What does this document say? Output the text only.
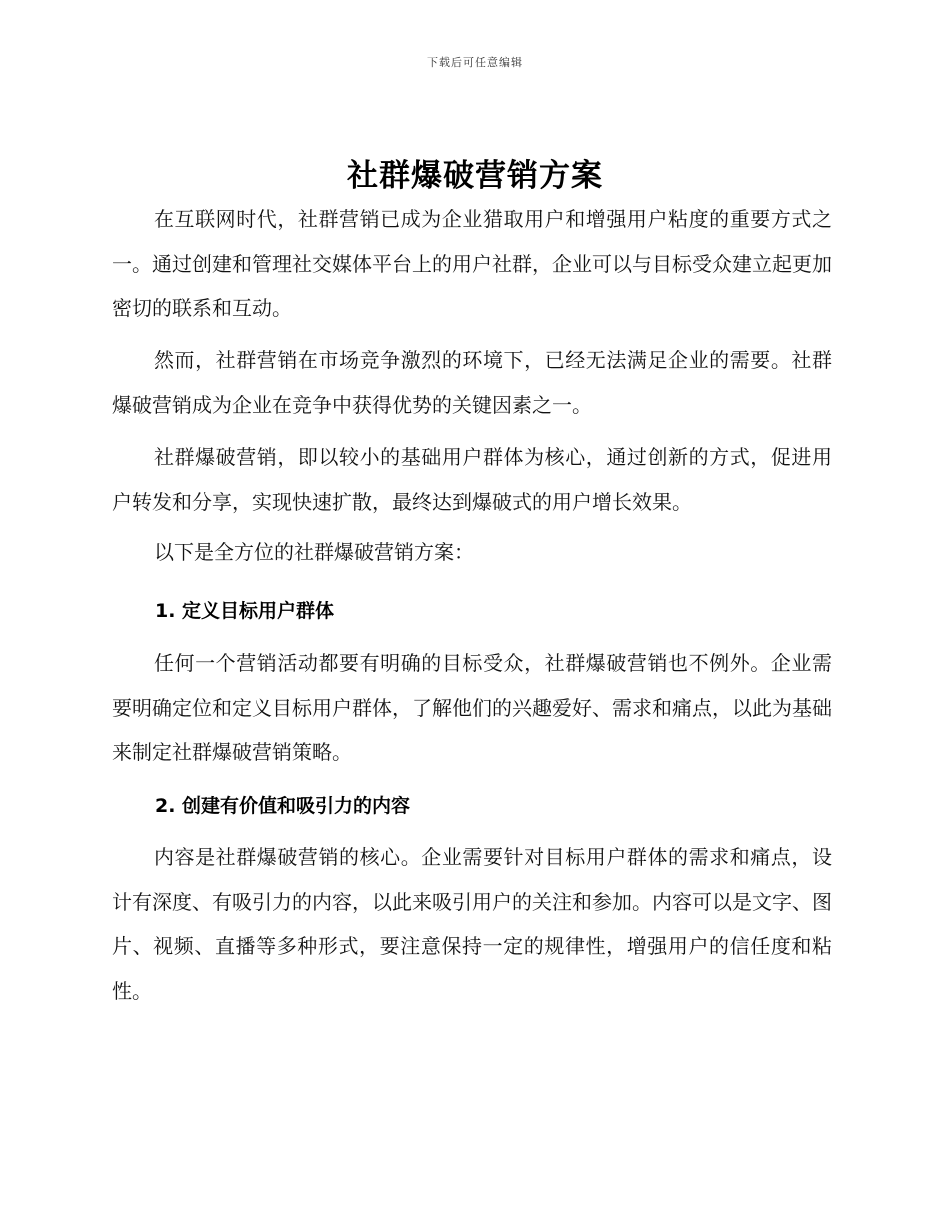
下载后可任意编辑
社群爆破营销方案

在互联网时代，社群营销已成为企业猎取用户和增强用户粘度的重要方式之一。通过创建和管理社交媒体平台上的用户社群，企业可以与目标受众建立起更加密切的联系和互动。

然而，社群营销在市场竞争激烈的环境下，已经无法满足企业的需要。社群爆破营销成为企业在竞争中获得优势的关键因素之一。

社群爆破营销，即以较小的基础用户群体为核心，通过创新的方式，促进用户转发和分享，实现快速扩散，最终达到爆破式的用户增长效果。

以下是全方位的社群爆破营销方案：

1. 定义目标用户群体

任何一个营销活动都要有明确的目标受众，社群爆破营销也不例外。企业需要明确定位和定义目标用户群体，了解他们的兴趣爱好、需求和痛点，以此为基础来制定社群爆破营销策略。

2. 创建有价值和吸引力的内容

内容是社群爆破营销的核心。企业需要针对目标用户群体的需求和痛点，设计有深度、有吸引力的内容，以此来吸引用户的关注和参加。内容可以是文字、图片、视频、直播等多种形式，要注意保持一定的规律性，增强用户的信任度和粘性。
